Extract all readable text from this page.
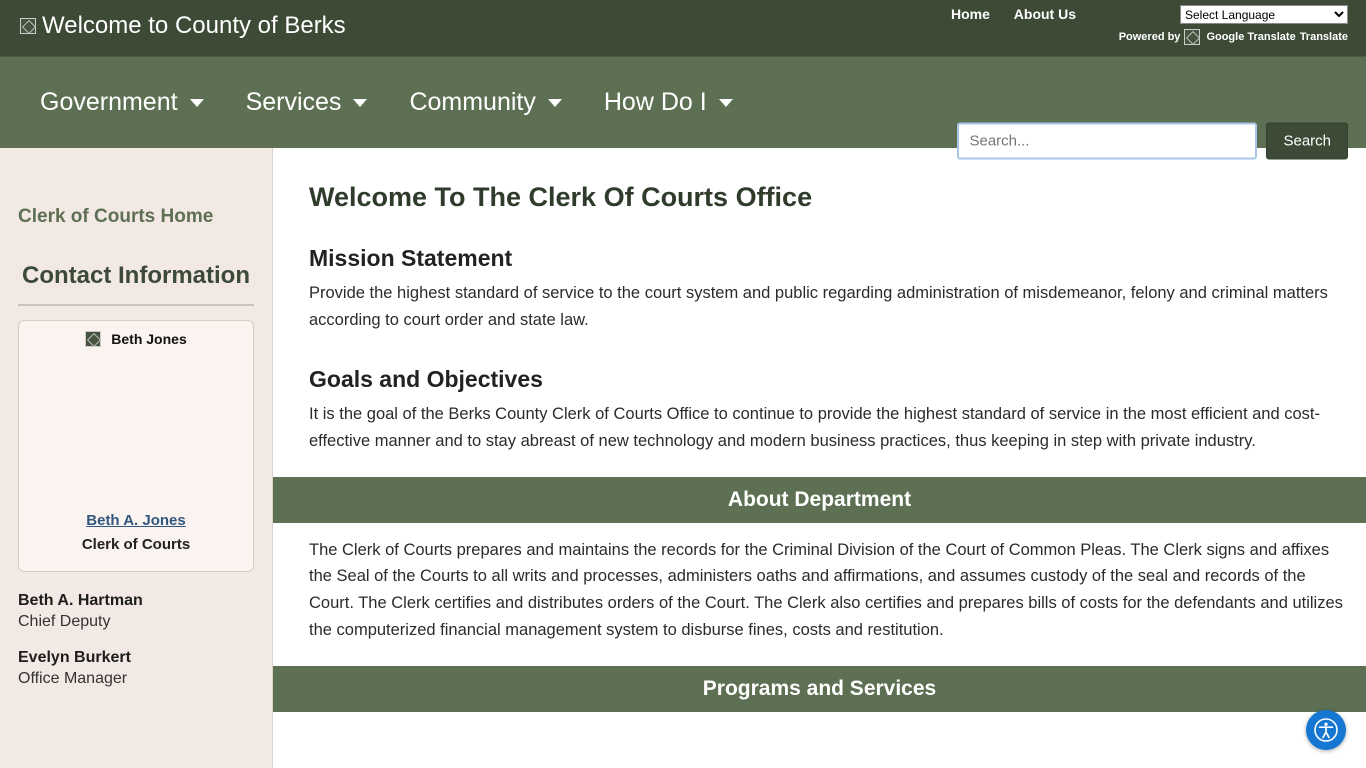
Welcome to County of Berks	Home About Us
Select Language
Powered by Google Translate Translate
Government	Services	Community	How Do I
Search...
Search
Clerk of Courts Home
Contact Information
Beth Jones
Beth A. Jones
Clerk of Courts
Beth A. Hartman
Chief Deputy
Evelyn Burkert
Office Manager
Welcome To The Clerk Of Courts Office
Mission Statement

Provide the highest standard of service to the court system and public regarding administration of misdemeanor, felony and criminal matters according to court order and state law.

Goals and Objectives

It is the goal of the Berks County Clerk of Courts Office to continue to provide the highest standard of service in the most efficient and cost-effective manner and to stay abreast of new technology and modern business practices, thus keeping in step with private industry.

About Department

The Clerk of Courts prepares and maintains the records for the Criminal Division of the Court of Common Pleas. The Clerk signs and affixes the Seal of the Courts to all writs and processes, administers oaths and affirmations, and assumes custody of the seal and records of the Court. The Clerk certifies and distributes orders of the Court. The Clerk also certifies and prepares bills of costs for the defendants and utilizes the computerized financial management system to disburse fines, costs and restitution.

Programs and Services
